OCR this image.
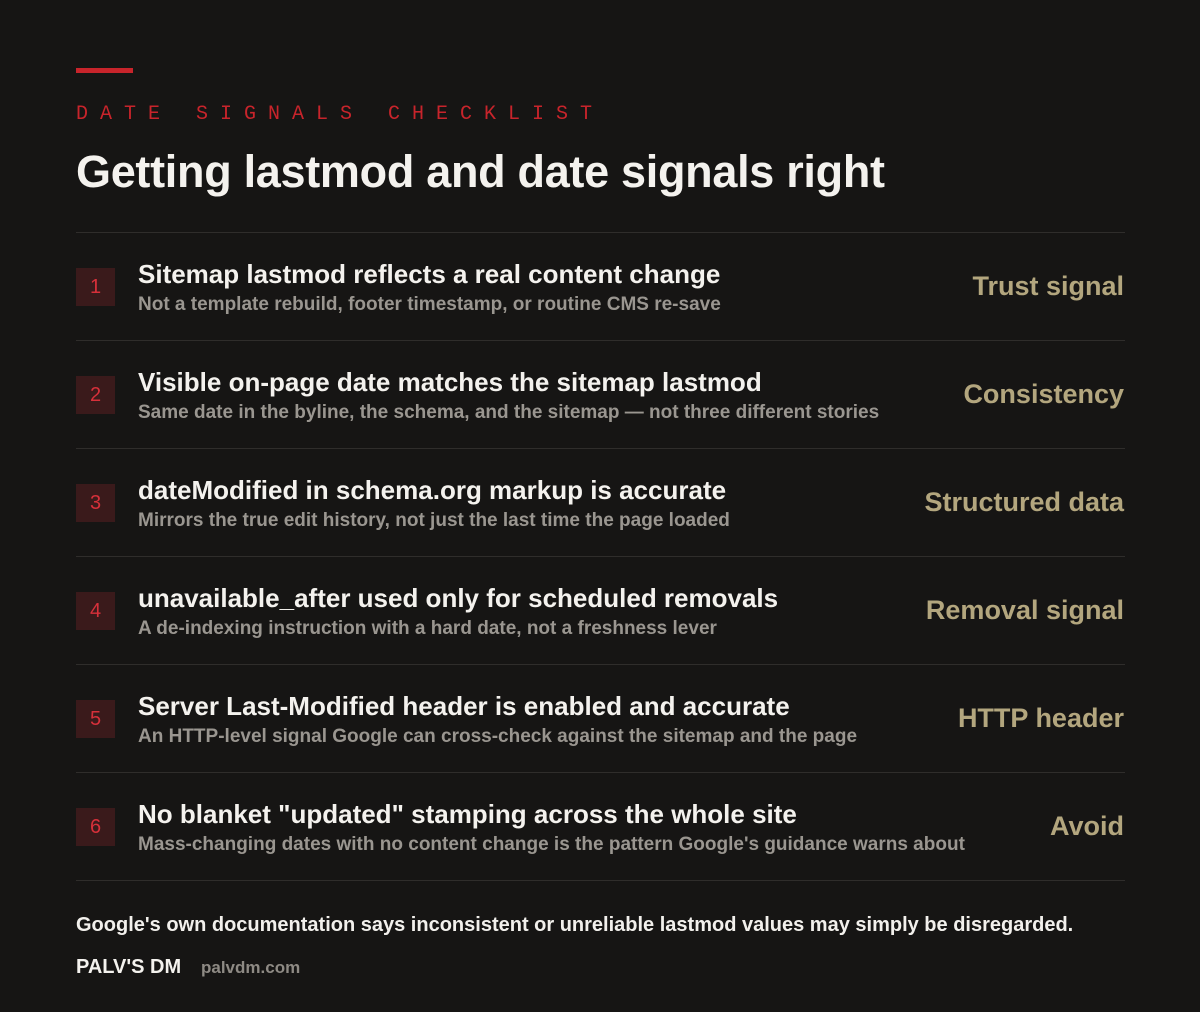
DATE SIGNALS CHECKLIST
Getting lastmod and date signals right
1	Sitemap lastmod reflects a real content change
Not a template rebuild, footer timestamp, or routine CMS re-save
Trust signal
2	Visible on-page date matches the sitemap lastmod
Same date in the byline, the schema, and the sitemap — not three different stories
Consistency
3	dateModified in schema.org markup is accurate
Mirrors the true edit history, not just the last time the page loaded
Structured data
4	unavailable_after used only for scheduled removals
A de-indexing instruction with a hard date, not a freshness lever
Removal signal
5	Server Last-Modified header is enabled and accurate
An HTTP-level signal Google can cross-check against the sitemap and the page
HTTP header
6	No blanket "updated" stamping across the whole site
Mass-changing dates with no content change is the pattern Google's guidance warns about
Avoid

Google's own documentation says inconsistent or unreliable lastmod values may simply be disregarded.

PALV'S DM palvdm.com
